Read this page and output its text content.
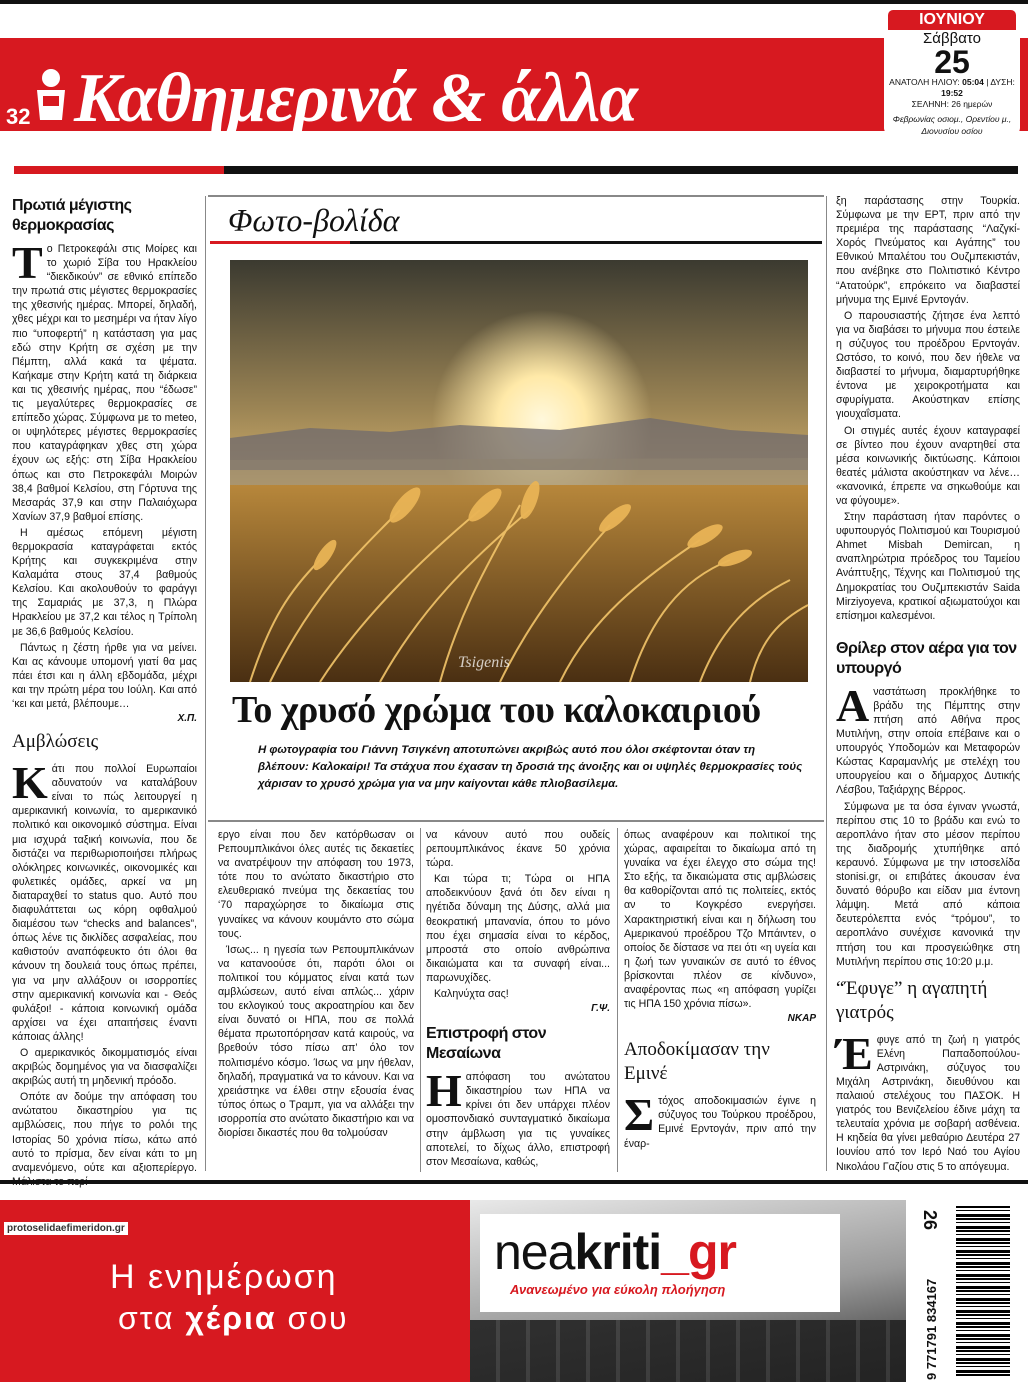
32 Καθημερινά & άλλα
ΙΟΥΝΙΟΥ
Σάββατο
25
ΑΝΑΤΟΛΗ ΗΛΙΟΥ: 05:04 | ΔΥΣΗ: 19:52
ΣΕΛΗΝΗ: 26 ημερών
Φεβρωνίας οσιομ., Ορεντίου μ.,
Διονυσίου οσίου
Πρωτιά μέγιστης θερμοκρασίας

Το Πετροκεφάλι στις Μοίρες και το χωριό Σίβα του Ηρακλείου “διεκδικούν” σε εθνικό επίπεδο την πρωτιά στις μέγιστες θερμοκρασίες της χθεσινής ημέρας. Μπορεί, δηλαδή, χθες μέχρι και το μεσημέρι να ήταν λίγο πιο “υποφερτή” η κατάσταση για μας εδώ στην Κρήτη σε σχέση με την Πέμπτη, αλλά κακά τα ψέματα. Καήκαμε στην Κρήτη κατά τη διάρκεια και τις χθεσινής ημέρας, που “έδωσε” τις μεγαλύτερες θερμοκρασίες σε επίπεδο χώρας. Σύμφωνα με το meteo, οι υψηλότερες μέγιστες θερμοκρασίες που καταγράφηκαν χθες στη χώρα έχουν ως εξής: στη Σίβα Ηρακλείου όπως και στο Πετροκεφάλι Μοιρών 38,4 βαθμοί Κελσίου, στη Γόρτυνα της Μεσαράς 37,9 και στην Παλαιόχωρα Χανίων 37,9 βαθμοί επίσης.

Η αμέσως επόμενη μέγιστη θερμοκρασία καταγράφεται εκτός Κρήτης και συγκεκριμένα στην Καλαμάτα στους 37,4 βαθμούς Κελσίου. Και ακολουθούν το φαράγγι της Σαμαριάς με 37,3, η Πλώρα Ηρακλείου με 37,2 και τέλος η Τρίπολη με 36,6 βαθμούς Κελσίου.

Πάντως η ζέστη ήρθε για να μείνει. Και ας κάνουμε υπομονή γιατί θα μας πάει έτσι και η άλλη εβδομάδα, μέχρι και την πρώτη μέρα του Ιούλη. Και από ‘κει και μετά, βλέπουμε…

Χ.Π.

Αμβλώσεις

Κάτι που πολλοί Ευρωπαίοι αδυνατούν να καταλάβουν είναι το πώς λειτουργεί η αμερικανική κοινωνία, το αμερικανικό πολιτικό και οικονομικό σύστημα. Είναι μια ισχυρά ταξική κοινωνία, που δε διστάζει να περιθωριοποιήσει πλήρως ολόκληρες κοινωνικές, οικονομικές και φυλετικές ομάδες, αρκεί να μη διαταραχθεί το status quo. Αυτό που διαφυλάττεται ως κόρη οφθαλμού διαμέσου των “checks and balances”, όπως λένε τις δικλίδες ασφαλείας, που καθιστούν αναπόφευκτο ότι όλοι θα κάνουν τη δουλειά τους όπως πρέπει, για να μην αλλάξουν οι ισορροπίες στην αμερικανική κοινωνία και - Θεός φυλάξοι! - κάποια κοινωνική ομάδα αρχίσει να έχει απαιτήσεις έναντι κάποιας άλλης!

Ο αμερικανικός δικομματισμός είναι ακριβώς δομημένος για να διασφαλίζει ακριβώς αυτή τη μηδενική πρόοδο.

Οπότε αν δούμε την απόφαση του ανώτατου δικαστηρίου για τις αμβλώσεις, που πήγε το ρολόι της Ιστορίας 50 χρόνια πίσω, κάτω από αυτό το πρίσμα, δεν είναι κάτι το μη αναμενόμενο, ούτε και αξιοπερίεργο.

Φωτο-βολίδα
Tsigenis
Το χρυσό χρώμα του καλοκαιριού
Η φωτογραφία του Γιάννη Τσιγκένη αποτυπώνει ακριβώς αυτό που όλοι σκέφτονται όταν τη βλέπουν: Καλοκαίρι! Τα στάχυα που έχασαν τη δροσιά της άνοιξης και οι υψηλές θερμοκρασίες τούς χάρισαν το χρυσό χρώμα για να μην καίγονται κάθε πλιοβασίλεμα.

εργο είναι που δεν κατόρθωσαν οι Ρεπουμπλικάνοι όλες αυτές τις δεκαετίες να ανατρέψουν την απόφαση του 1973, τότε που το ανώτατο δικαστήριο στο ελευθεριακό πνεύμα της δεκαετίας του ‘70 παραχώρησε το δικαίωμα στις γυναίκες να κάνουν κουμάντο στο σώμα τους.

Ίσως... η ηγεσία των Ρεπουμπλικάνων να κατανοούσε ότι, παρότι όλοι οι πολιτικοί του κόμματος είναι κατά των αμβλώσεων, αυτό είναι απλώς... χάριν του εκλογικού τους ακροατηρίου και δεν είναι δυνατό οι ΗΠΑ, που σε πολλά θέματα πρωτοπόρησαν κατά καιρούς, να βρεθούν τόσο πίσω απ’ όλο τον πολιτισμένο κόσμο. Ίσως να μην ήθελαν, δηλαδή, πραγματικά να το κάνουν. Και να χρειάστηκε να έλθει στην εξουσία ένας τύπος όπως ο Τραμπ, για να αλλάξει την ισορροπία στο ανώτατο δικαστήριο και να διορίσει δικαστές που θα τολμούσαν

να κάνουν αυτό που ουδείς ρεπουμπλικάνος έκανε 50 χρόνια τώρα.

Και τώρα τι; Τώρα οι ΗΠΑ αποδεικνύουν ξανά ότι δεν είναι η ηγέτιδα δύναμη της Δύσης, αλλά μια θεοκρατική μπανανία, όπου το μόνο που έχει σημασία είναι το κέρδος, μπροστά στο οποίο ανθρώπινα δικαιώματα και τα συναφή είναι... παρωνυχίδες.

Καληνύχτα σας!

Γ.Ψ.

Επιστροφή στον Μεσαίωνα

Ηαπόφαση του ανώτατου δικαστηρίου των ΗΠΑ να κρίνει ότι δεν υπάρχει πλέον ομοσπονδιακό συνταγματικό δικαίωμα στην άμβλωση για τις γυναίκες αποτελεί, το δίχως άλλο, επιστροφή στον Μεσαίωνα, καθώς,

όπως αναφέρουν και πολιτικοί της χώρας, αφαιρείται το δικαίωμα από τη γυναίκα να έχει έλεγχο στο σώμα της! Στο εξής, τα δικαιώματα στις αμβλώσεις θα καθορίζονται από τις πολιτείες, εκτός αν το Κογκρέσο ενεργήσει. Χαρακτηριστική είναι και η δήλωση του Αμερικανού προέδρου Τζο Μπάιντεν, ο οποίος δε δίστασε να πει ότι «η υγεία και η ζωή των γυναικών σε αυτό το έθνος βρίσκονται πλέον σε κίνδυνο», αναφέροντας πως «η απόφαση γυρίζει τις ΗΠΑ 150 χρόνια πίσω».

ΝΚΑΡ

Αποδοκίμασαν την Εμινέ

Στόχος αποδοκιμασιών έγινε η σύζυγος του Τούρκου προέδρου, Εμινέ Ερντογάν, πριν από την έναρ-

ξη παράστασης στην Τουρκία. Σύμφωνα με την ΕΡΤ, πριν από την πρεμιέρα της παράστασης “Λαζγκί-Χορός Πνεύματος και Αγάπης” του Εθνικού Μπαλέτου του Ουζμπεκιστάν, που ανέβηκε στο Πολιτιστικό Κέντρο “Ατατούρκ”, επρόκειτο να διαβαστεί μήνυμα της Εμινέ Ερντογάν.

Ο παρουσιαστής ζήτησε ένα λεπτό για να διαβάσει το μήνυμα που έστειλε η σύζυγος του προέδρου Ερντογάν. Ωστόσο, το κοινό, που δεν ήθελε να διαβαστεί το μήνυμα, διαμαρτυρήθηκε έντονα με χειροκροτήματα και σφυρίγματα. Ακούστηκαν επίσης γιουχαΐσματα.

Οι στιγμές αυτές έχουν καταγραφεί σε βίντεο που έχουν αναρτηθεί στα μέσα κοινωνικής δικτύωσης. Κάποιοι θεατές μάλιστα ακούστηκαν να λένε… «κανονικά, έπρεπε να σηκωθούμε και να φύγουμε».

Στην παράσταση ήταν παρόντες ο υφυπουργός Πολιτισμού και Τουρισμού Ahmet Misbah Demircan, η αναπληρώτρια πρόεδρος του Ταμείου Ανάπτυξης, Τέχνης και Πολιτισμού της Δημοκρατίας του Ουζμπεκιστάν Saida Mirziyoyeva, κρατικοί αξιωματούχοι και επίσημοι καλεσμένοι.

Θρίλερ στον αέρα για τον υπουργό

Αναστάτωση προκλήθηκε το βράδυ της Πέμπτης στην πτήση από Αθήνα προς Μυτιλήνη, στην οποία επέβαινε και ο υπουργός Υποδομών και Μεταφορών Κώστας Καραμανλής με στελέχη του υπουργείου και ο δήμαρχος Δυτικής Λέσβου, Ταξιάρχης Βέρρος.

Σύμφωνα με τα όσα έγιναν γνωστά, περίπου στις 10 το βράδυ και ενώ το αεροπλάνο ήταν στο μέσον περίπου της διαδρομής χτυπήθηκε από κεραυνό. Σύμφωνα με την ιστοσελίδα stonisi.gr, οι επιβάτες άκουσαν ένα δυνατό θόρυβο και είδαν μια έντονη λάμψη. Μετά από κάποια δευτερόλεπτα ενός “τρόμου”, το αεροπλάνο συνέχισε κανονικά την πτήση του και προσγειώθηκε στη Μυτιλήνη περίπου στις 10:20 μ.μ.

“Έφυγε” η αγαπητή γιατρός

Έφυγε από τη ζωή η γιατρός Ελένη Παπαδοπούλου-Αστρινάκη, σύζυγος του Μιχάλη Αστρινάκη, διευθύνου και παλαιού στελέχους του ΠΑΣΟΚ. Η γιατρός του Βενιζελείου έδινε μάχη τα τελευταία χρόνια με σοβαρή ασθένεια. Η κηδεία θα γίνει μεθαύριο Δευτέρα 27 Ιουνίου από τον Ιερό Ναό του Αγίου Νικολάου Γαζίου στις 5 το απόγευμα.

neakriti_gr
Ανανεωμένο για εύκολη πλοήγηση
Η ενημέρωση
στα χέρια σου
protoselidaefimeridon.gr	26
9 771791 834167
